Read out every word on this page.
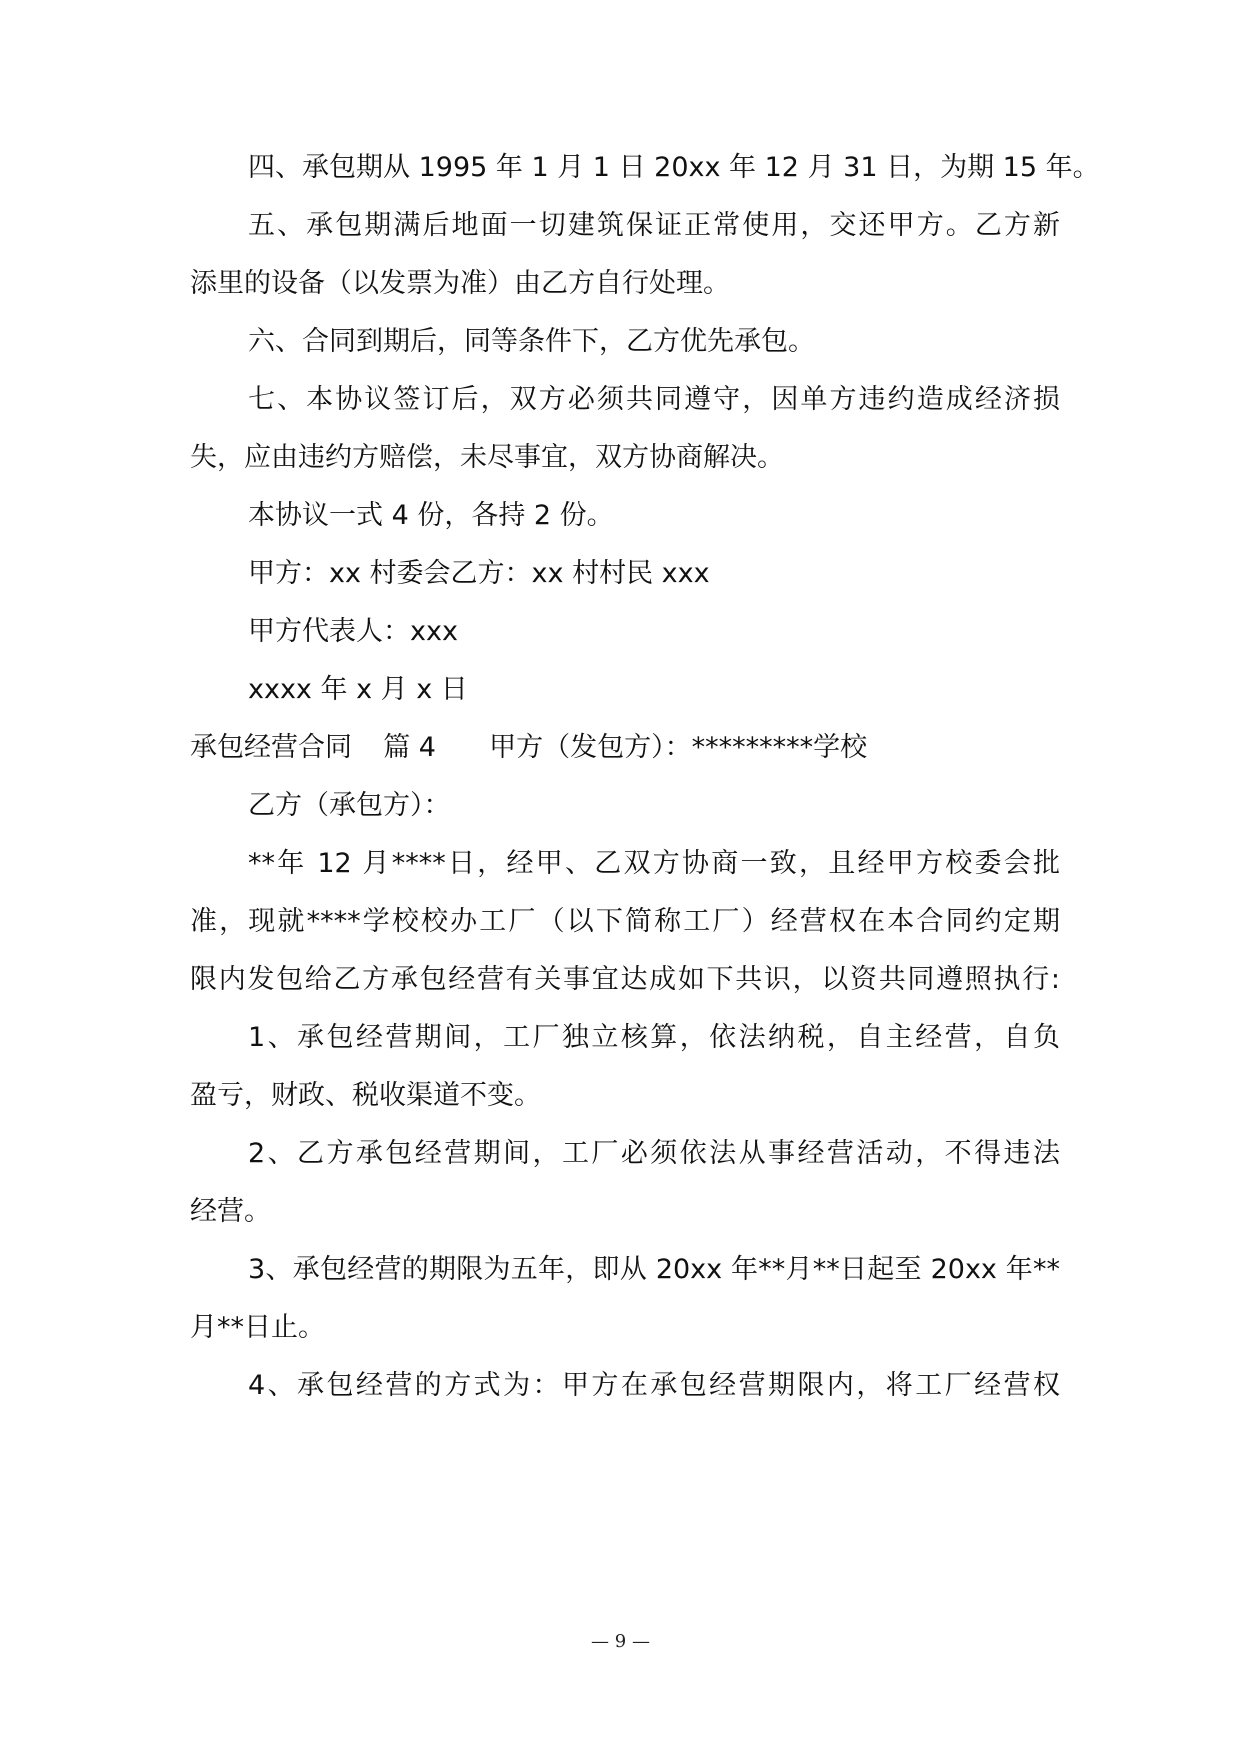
四、承包期从 1995 年 1 月 1 日 20xx 年 12 月 31 日，为期 15 年。
五、承包期满后地面一切建筑保证正常使用，交还甲方。乙方新
添里的设备（以发票为准）由乙方自行处理。
六、合同到期后，同等条件下，乙方优先承包。
七、本协议签订后，双方必须共同遵守，因单方违约造成经济损
失，应由违约方赔偿，未尽事宜，双方协商解决。
本协议一式 4 份，各持 2 份。
甲方：xx 村委会乙方：xx 村村民 xxx
甲方代表人：xxx
xxxx 年 x 月 x 日
承包经营合同 篇 4 甲方（发包方）：*********学校
乙方（承包方）：
**年 12 月****日，经甲、乙双方协商一致，且经甲方校委会批
准，现就****学校校办工厂（以下简称工厂）经营权在本合同约定期
限内发包给乙方承包经营有关事宜达成如下共识，以资共同遵照执行:
1、承包经营期间，工厂独立核算，依法纳税，自主经营，自负
盈亏，财政、税收渠道不变。
2、乙方承包经营期间，工厂必须依法从事经营活动，不得违法
经营。
3、承包经营的期限为五年，即从 20xx 年**月**日起至 20xx 年**
月**日止。
4、承包经营的方式为：甲方在承包经营期限内，将工厂经营权
— 9 —
